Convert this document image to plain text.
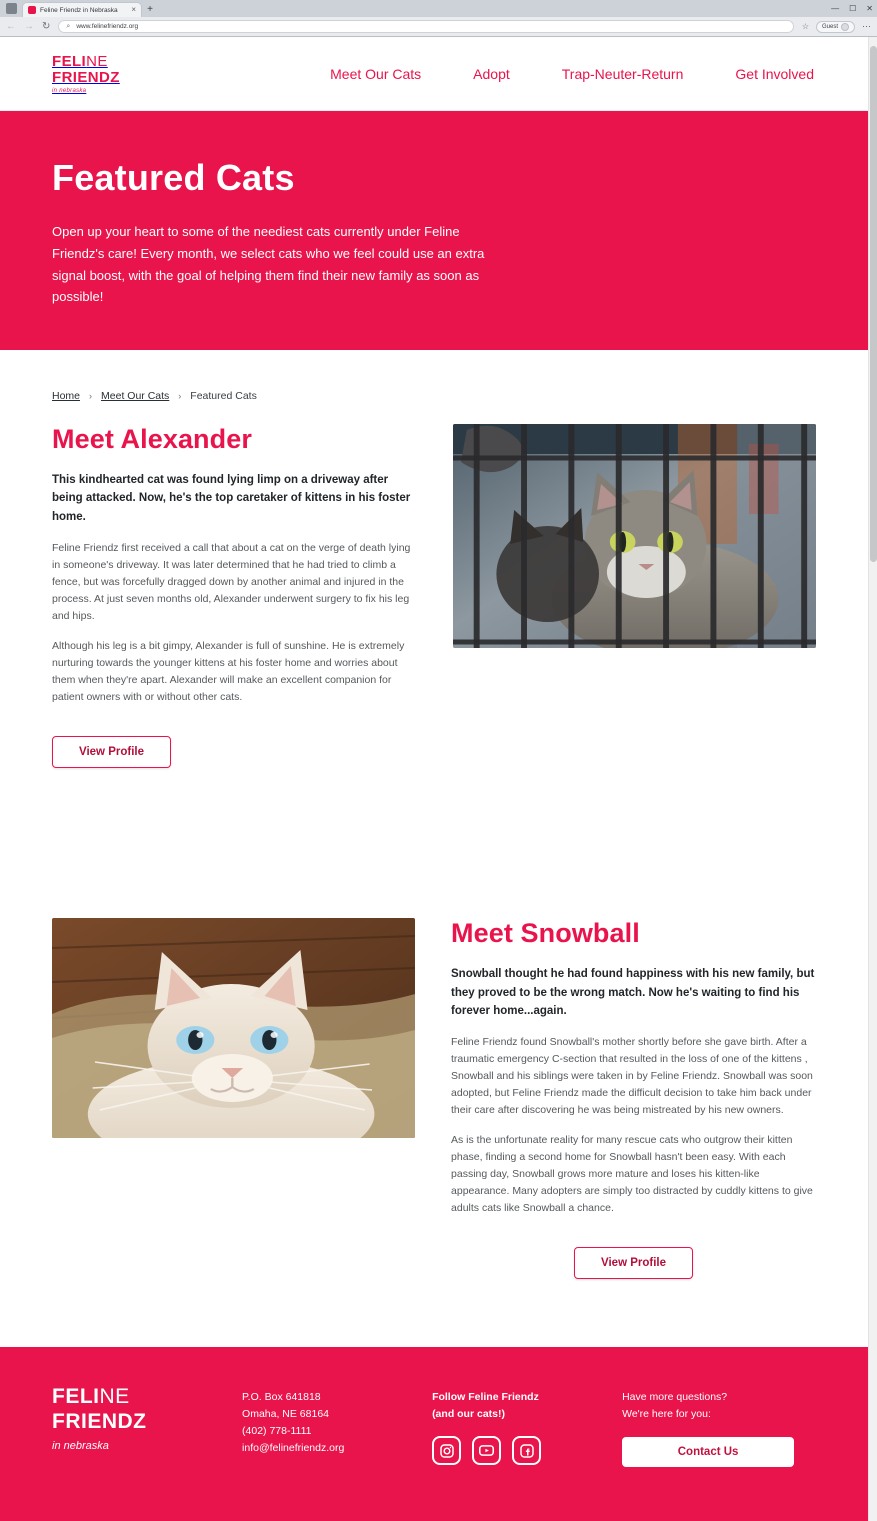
Feline Friendz in Nebraska	×	+	— ☐ ✕
← → ↻ ⌕ www.felinefriendz.org	☆ Guest	⋯
FELINE
FRIENDZ
in nebraska
Meet Our Cats	Adopt	Trap-Neuter-Return	Get Involved
Featured Cats

Open up your heart to some of the neediest cats currently under Feline Friendz's care! Every month, we select cats who we feel could use an extra signal boost, with the goal of helping them find their new family as soon as possible!

Home › Meet Our Cats › Featured Cats
Meet Alexander

This kindhearted cat was found lying limp on a driveway after being attacked. Now, he's the top caretaker of kittens in his foster home.

Feline Friendz first received a call that about a cat on the verge of death lying in someone's driveway. It was later determined that he had tried to climb a fence, but was forcefully dragged down by another animal and injured in the process. At just seven months old, Alexander underwent surgery to fix his leg and hips.

Although his leg is a bit gimpy, Alexander is full of sunshine. He is extremely nurturing towards the younger kittens at his foster home and worries about them when they're apart. Alexander will make an excellent companion for patient owners with or without other cats.

View Profile
Meet Snowball

Snowball thought he had found happiness with his new family, but they proved to be the wrong match. Now he's waiting to find his forever home...again.

Feline Friendz found Snowball's mother shortly before she gave birth. After a traumatic emergency C-section that resulted in the loss of one of the kittens , Snowball and his siblings were taken in by Feline Friendz. Snowball was soon adopted, but Feline Friendz made the difficult decision to take him back under their care after discovering he was being mistreated by his new owners.

As is the unfortunate reality for many rescue cats who outgrow their kitten phase, finding a second home for Snowball hasn't been easy. With each passing day, Snowball grows more mature and loses his kitten-like appearance. Many adopters are simply too distracted by cuddly kittens to give adults cats like Snowball a chance.

View Profile
FELINE
FRIENDZ
in nebraska
P.O. Box 641818
Omaha, NE 68164
(402) 778-1111
info@felinefriendz.org
Follow Feline Friendz
(and our cats!)
Have more questions?
We're here for you:
Contact Us
